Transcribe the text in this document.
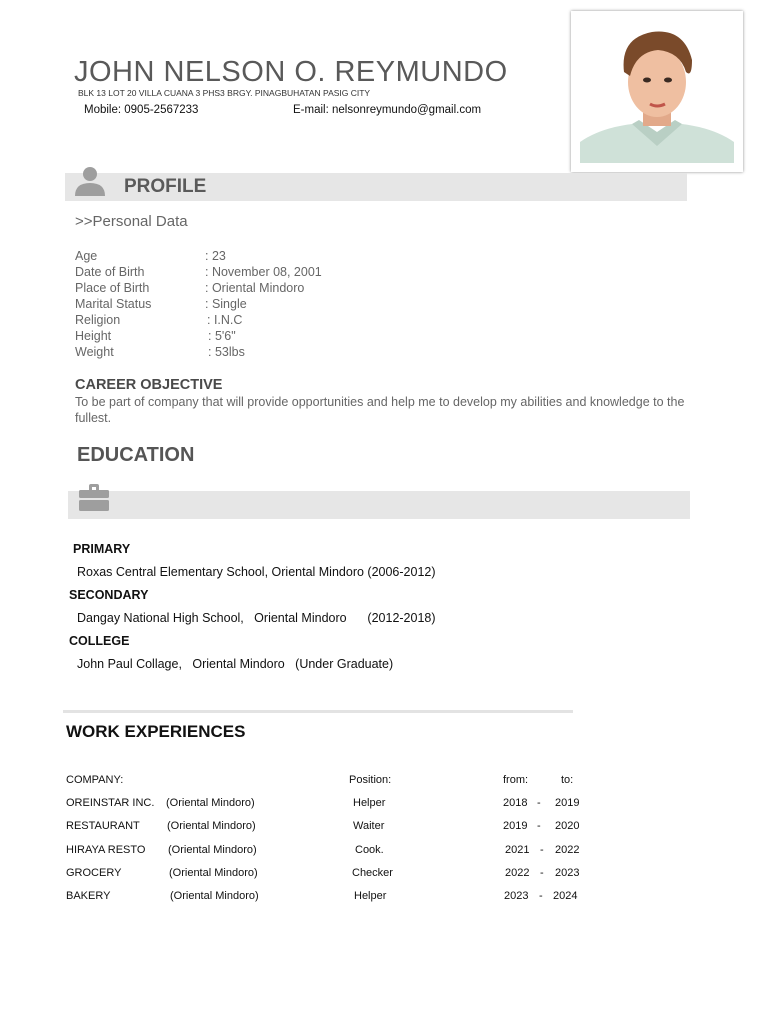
JOHN NELSON O. REYMUNDO
BLK 13 LOT 20 VILLA CUANA 3 PHS3 BRGY. PINAGBUHATAN PASIG CITY
Mobile: 0905-2567233	E-mail: nelsonreymundo@gmail.com
PROFILE
>>Personal Data
Age	: 23
Date of Birth	: November 08, 2001
Place of Birth	: Oriental Mindoro
Marital Status	: Single
Religion	: I.N.C
Height	: 5'6"
Weight	: 53lbs
CAREER OBJECTIVE
To be part of company that will provide opportunities and help me to develop my abilities and knowledge to the fullest.
EDUCATION
PRIMARY
Roxas Central Elementary School, Oriental Mindoro (2006-2012)
SECONDARY
Dangay National High School,   Oriental Mindoro      (2012-2018)
COLLEGE
John Paul Collage,   Oriental Mindoro   (Under Graduate)
WORK EXPERIENCES
COMPANY:	Position:	from:	to:
OREINSTAR INC. (Oriental Mindoro)	Helper	2018 - 2019
RESTAURANT (Oriental Mindoro)	Waiter	2019 - 2020
HIRAYA RESTO (Oriental Mindoro)	Cook.	2021 - 2022
GROCERY	(Oriental Mindoro)	Checker	2022 - 2023
BAKERY	(Oriental Mindoro)	Helper	2023 - 2024
